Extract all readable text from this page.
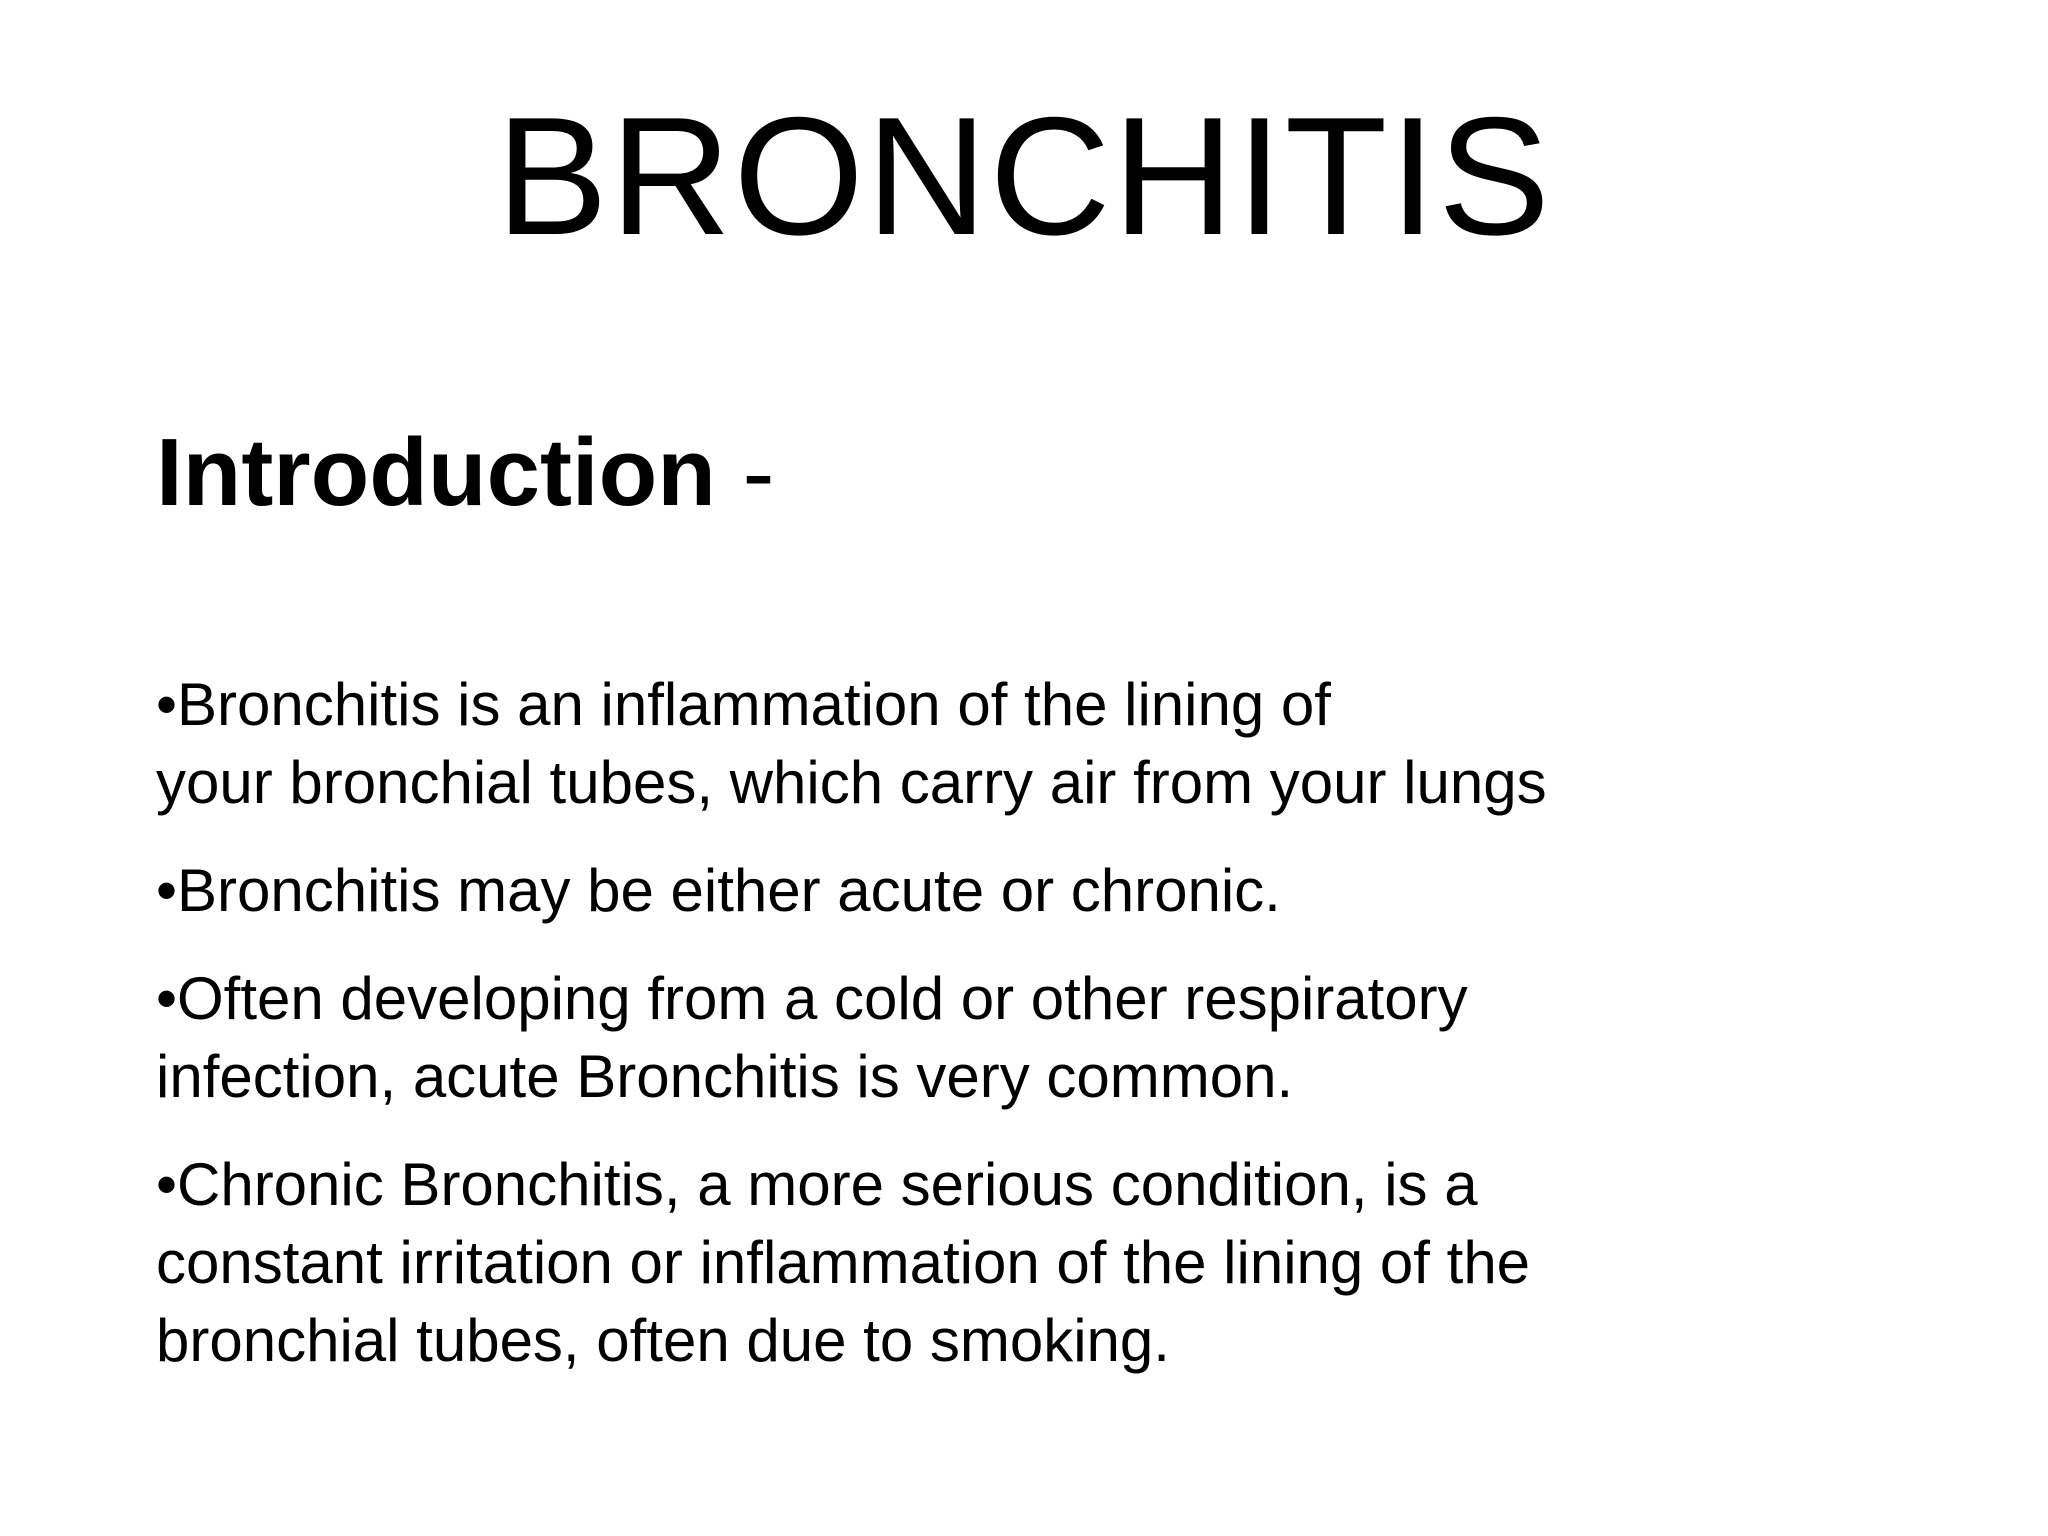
BRONCHITIS
Introduction -
•Bronchitis is an inflammation of the lining of
your bronchial tubes, which carry air from your lungs
•Bronchitis may be either acute or chronic.
•Often developing from a cold or other respiratory
infection, acute Bronchitis is very common.
•Chronic Bronchitis, a more serious condition, is a
constant irritation or inflammation of the lining of the
bronchial tubes, often due to smoking.
